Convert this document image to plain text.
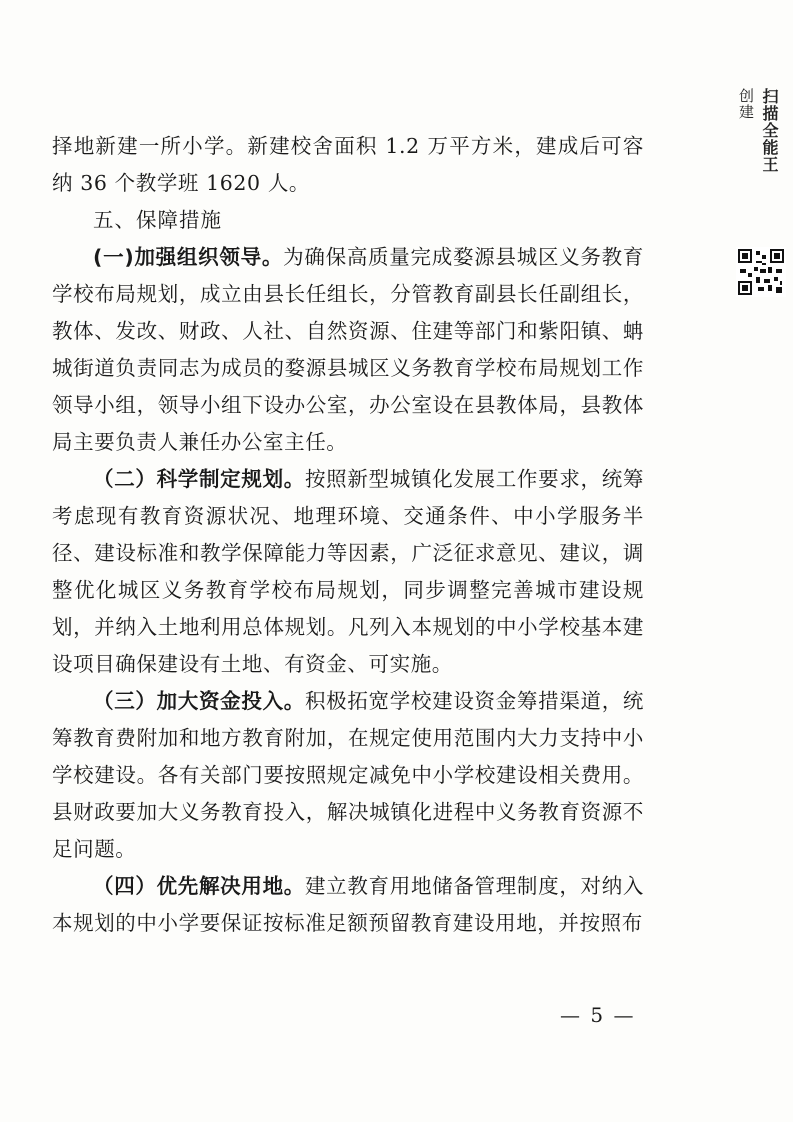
择地新建一所小学。新建校舍面积 1.2 万平方米，建成后可容纳 36 个教学班 1620 人。

五、保障措施

(一)加强组织领导。为确保高质量完成婺源县城区义务教育学校布局规划，成立由县长任组长，分管教育副县长任副组长，教体、发改、财政、人社、自然资源、住建等部门和紫阳镇、蚺城街道负责同志为成员的婺源县城区义务教育学校布局规划工作领导小组，领导小组下设办公室，办公室设在县教体局，县教体局主要负责人兼任办公室主任。

（二）科学制定规划。按照新型城镇化发展工作要求，统筹考虑现有教育资源状况、地理环境、交通条件、中小学服务半径、建设标准和教学保障能力等因素，广泛征求意见、建议，调整优化城区义务教育学校布局规划，同步调整完善城市建设规划，并纳入土地利用总体规划。凡列入本规划的中小学校基本建设项目确保建设有土地、有资金、可实施。

（三）加大资金投入。积极拓宽学校建设资金筹措渠道，统筹教育费附加和地方教育附加，在规定使用范围内大力支持中小学校建设。各有关部门要按照规定减免中小学校建设相关费用。县财政要加大义务教育投入，解决城镇化进程中义务教育资源不足问题。

（四）优先解决用地。建立教育用地储备管理制度，对纳入本规划的中小学要保证按标准足额预留教育建设用地，并按照布

— 5 —
扫描全能王
创建
